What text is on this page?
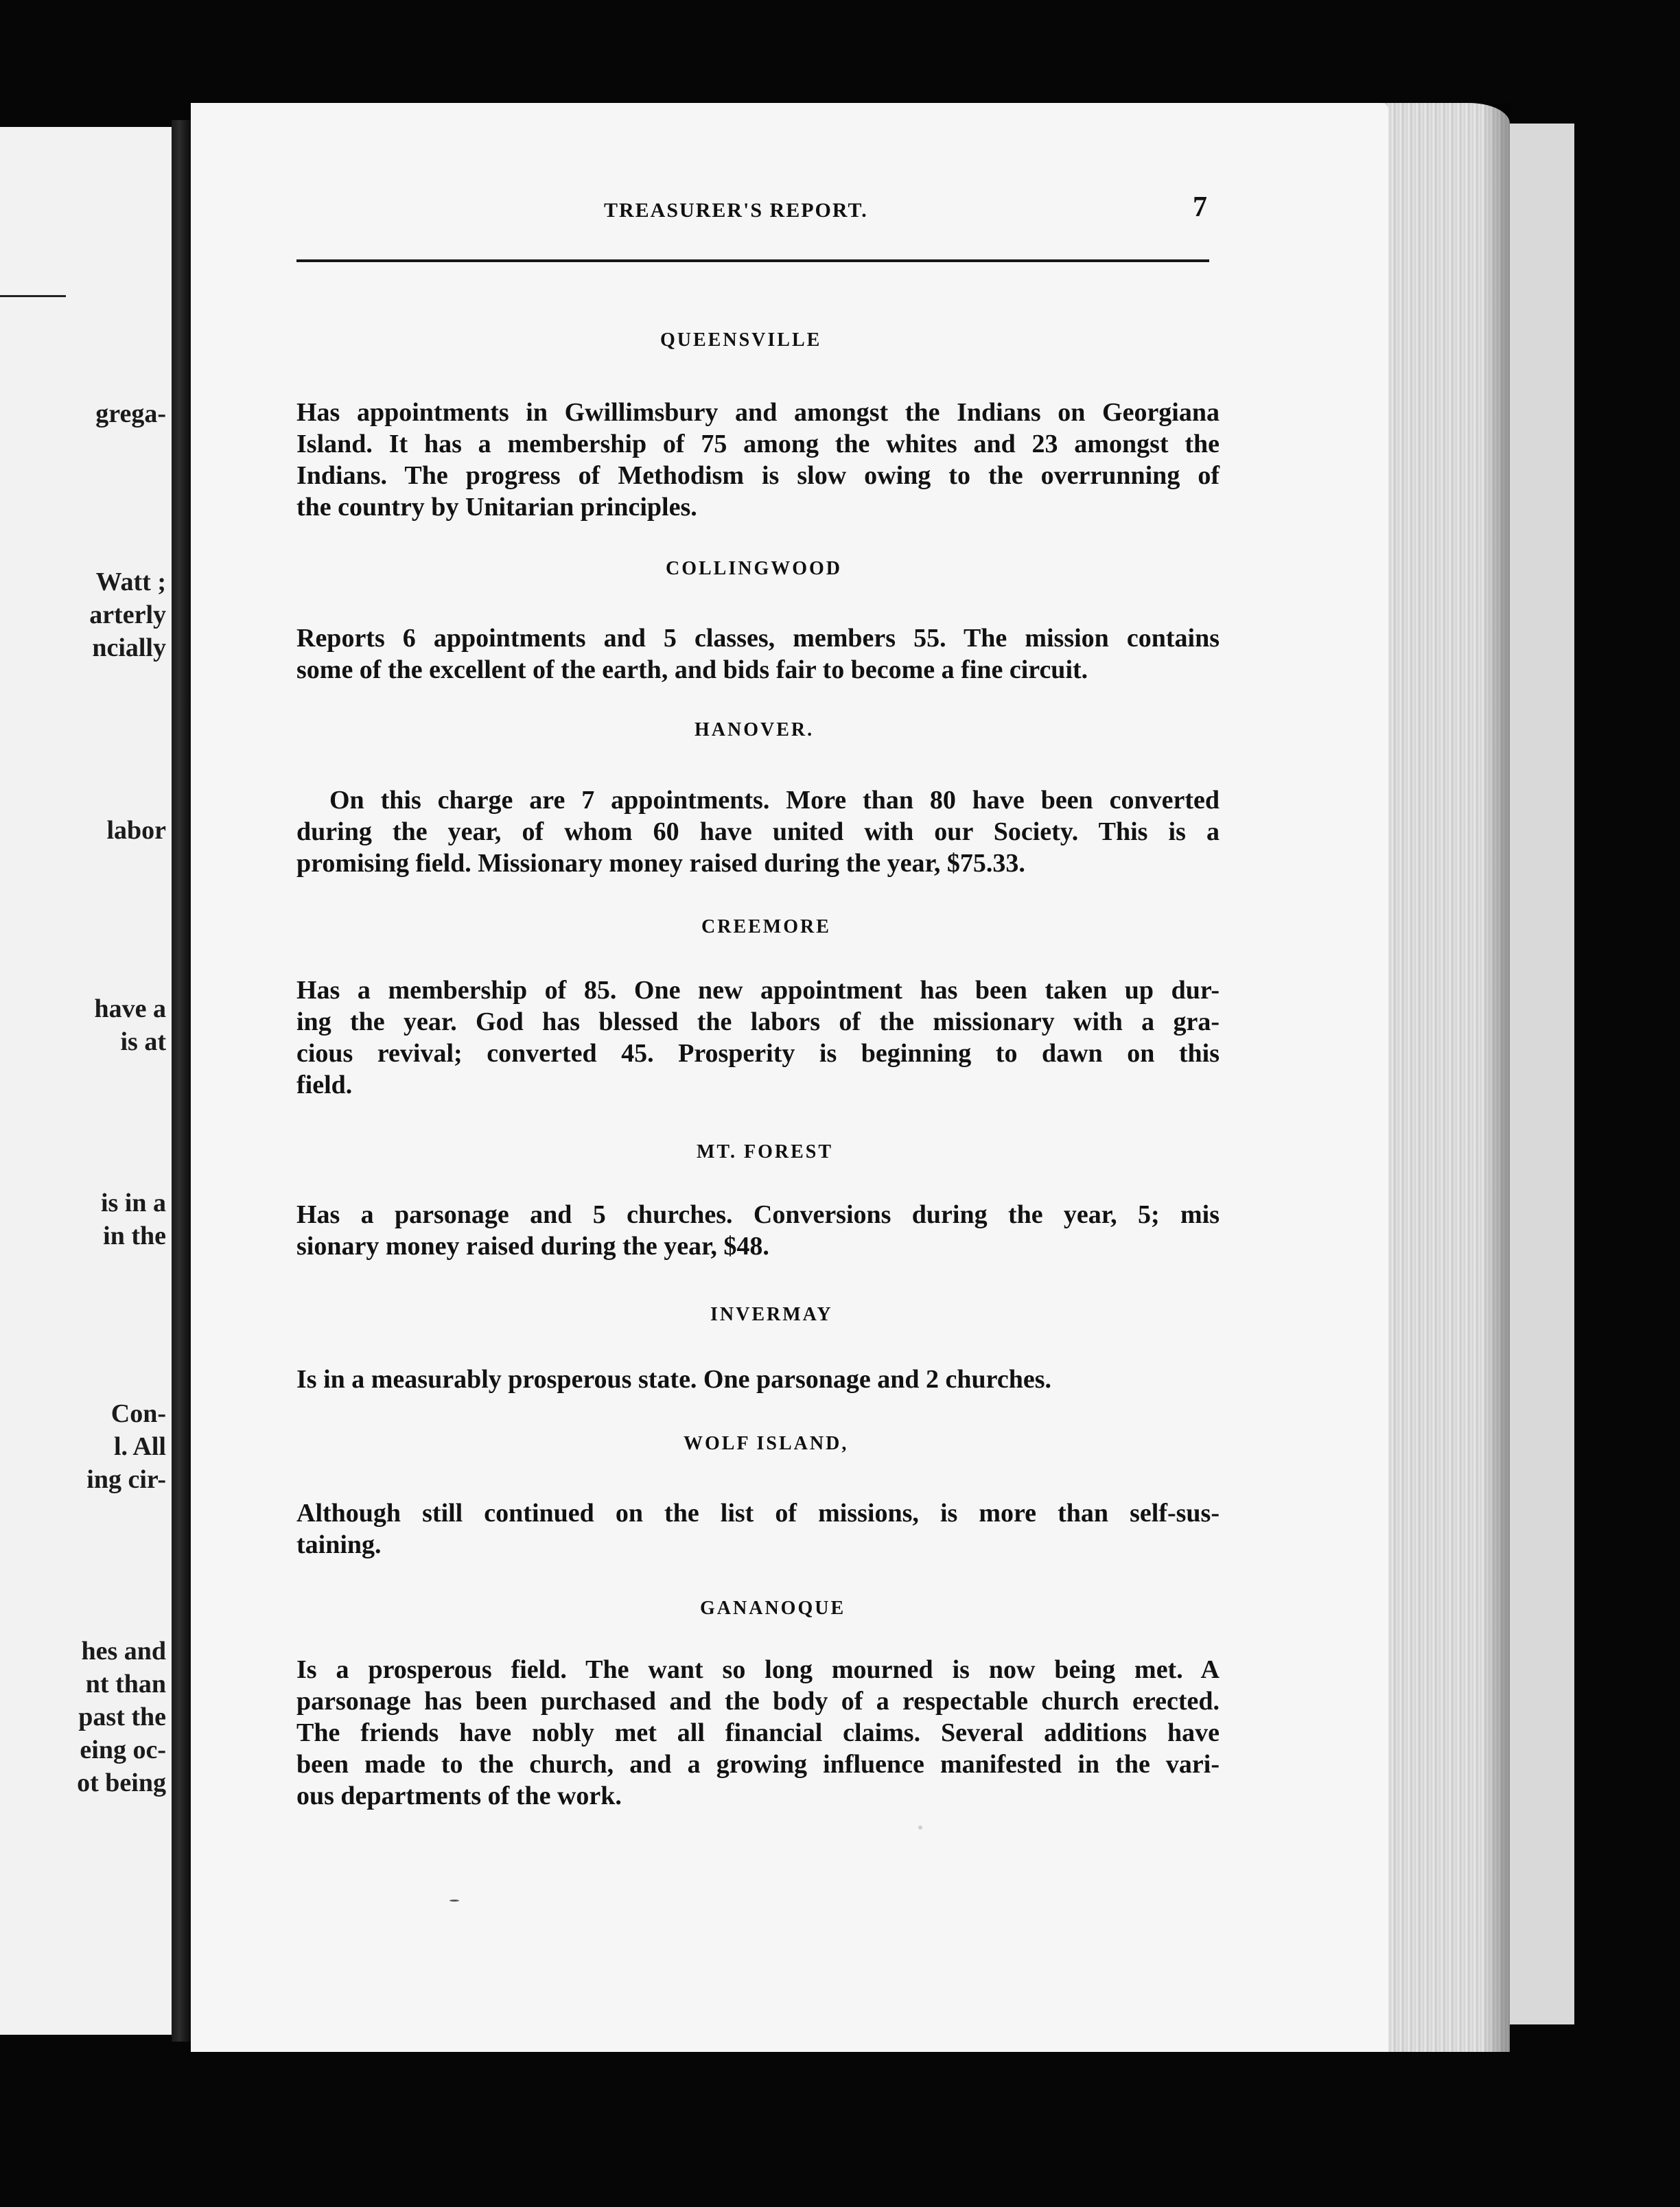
grega-
Watt ;
arterly
ncially
labor
have a
is at
is in a
in the
Con-
l. All
ing cir-
hes and
nt than
past the
eing oc-
ot being
TREASURER'S REPORT.	7
QUEENSVILLE
Has appointments in Gwillimsbury and amongst the Indians on Georgiana
Island. It has a membership of 75 among the whites and 23 amongst the
Indians. The progress of Methodism is slow owing to the overrunning of
the country by Unitarian principles.
COLLINGWOOD
Reports 6 appointments and 5 classes, members 55. The mission contains
some of the excellent of the earth, and bids fair to become a fine circuit.
HANOVER.
On this charge are 7 appointments. More than 80 have been converted
during the year, of whom 60 have united with our Society. This is a
promising field. Missionary money raised during the year, $75.33.
CREEMORE
Has a membership of 85. One new appointment has been taken up dur-
ing the year. God has blessed the labors of the missionary with a gra-
cious revival; converted 45. Prosperity is beginning to dawn on this
field.
MT. FOREST
Has a parsonage and 5 churches. Conversions during the year, 5; mis
sionary money raised during the year, $48.
INVERMAY
Is in a measurably prosperous state. One parsonage and 2 churches.
WOLF ISLAND,
Although still continued on the list of missions, is more than self-sus-
taining.
GANANOQUE
Is a prosperous field. The want so long mourned is now being met. A
parsonage has been purchased and the body of a respectable church erected.
The friends have nobly met all financial claims. Several additions have
been made to the church, and a growing influence manifested in the vari-
ous departments of the work.
